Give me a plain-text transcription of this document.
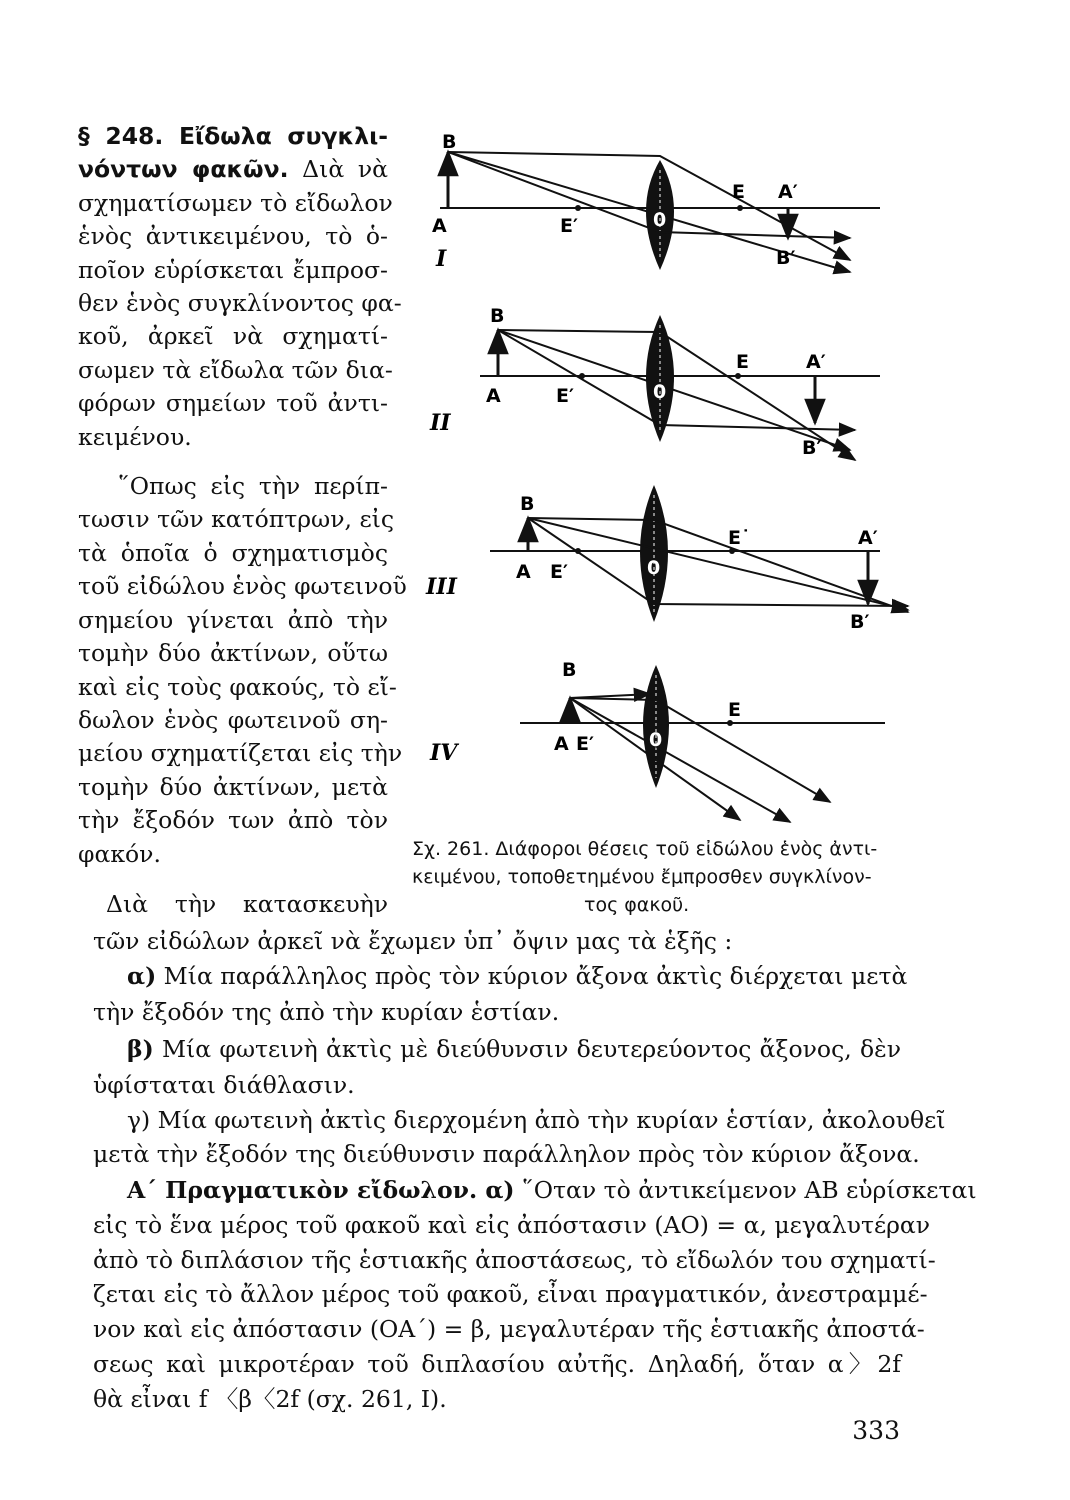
§ 248. Εἴδωλα συγκλι-
νόντων φακῶν. Διὰ νὰ
σχηματίσωμεν τὸ εἴδωλον
ἑνὸς ἀντικειμένου, τὸ ὁ-
ποῖον εὑρίσκεται ἔμπροσ-
θεν ἑνὸς συγκλίνοντος φα-
κοῦ, ἀρκεῖ νὰ σχηματί-
σωμεν τὰ εἴδωλα τῶν δια-
φόρων σημείων τοῦ ἀντι-
κειμένου.
῞Οπως εἰς τὴν περίπ-
τωσιν τῶν κατόπτρων, εἰς
τὰ ὁποῖα ὁ σχηματισμὸς
τοῦ εἰδώλου ἑνὸς φωτεινοῦ
σημείου γίνεται ἀπὸ τὴν
τομὴν δύο ἀκτίνων, οὕτω
καὶ εἰς τοὺς φακούς, τὸ εἴ-
δωλον ἑνὸς φωτεινοῦ ση-
μείου σχηματίζεται εἰς τὴν
τομὴν δύο ἀκτίνων, μετὰ
τὴν ἔξοδόν των ἀπὸ τὸν
φακόν.
Διὰ τὴν κατασκευὴν
B
A	E′	0
E A′
B′
I
B
A	E′	0
E	A′
B′
II
B
A E′	0
E˙	A′
B′
III
B
A E′	0
E
IV
Σχ. 261. Διάφοροι θέσεις τοῦ εἰδώλου ἑνὸς ἀντι-
κειμένου, τοποθετημένου ἔμπροσθεν συγκλίνον-
τος φακοῦ.
τῶν εἰδώλων ἀρκεῖ νὰ ἔχωμεν ὑπ᾿ ὄψιν μας τὰ ἑξῆς :
α) Μία παράλληλος πρὸς τὸν κύριον ἄξονα ἀκτὶς διέρχεται μετὰ
τὴν ἔξοδόν της ἀπὸ τὴν κυρίαν ἑστίαν.
β) Μία φωτεινὴ ἀκτὶς μὲ διεύθυνσιν δευτερεύοντος ἄξονος, δὲν
ὑφίσταται διάθλασιν.
γ) Μία φωτεινὴ ἀκτὶς διερχομένη ἀπὸ τὴν κυρίαν ἑστίαν, ἀκολουθεῖ
μετὰ τὴν ἔξοδόν της διεύθυνσιν παράλληλον πρὸς τὸν κύριον ἄξονα.
Α΄ Πραγματικὸν εἴδωλον. α) ῞Οταν τὸ ἀντικείμενον ΑΒ εὑρίσκεται
εἰς τὸ ἕνα μέρος τοῦ φακοῦ καὶ εἰς ἀπόστασιν (ΑΟ) = α, μεγαλυτέραν
ἀπὸ τὸ διπλάσιον τῆς ἑστιακῆς ἀποστάσεως, τὸ εἴδωλόν του σχηματί-
ζεται εἰς τὸ ἄλλον μέρος τοῦ φακοῦ, εἶναι πραγματικόν, ἀνεστραμμέ-
νον καὶ εἰς ἀπόστασιν (ΟΑ΄) = β, μεγαλυτέραν τῆς ἑστιακῆς ἀποστά-
σεως καὶ μικροτέραν τοῦ διπλασίου αὐτῆς. Δηλαδή, ὅταν α〉2f
θὰ εἶναι f 〈β〈2f (σχ. 261, Ι).
333
